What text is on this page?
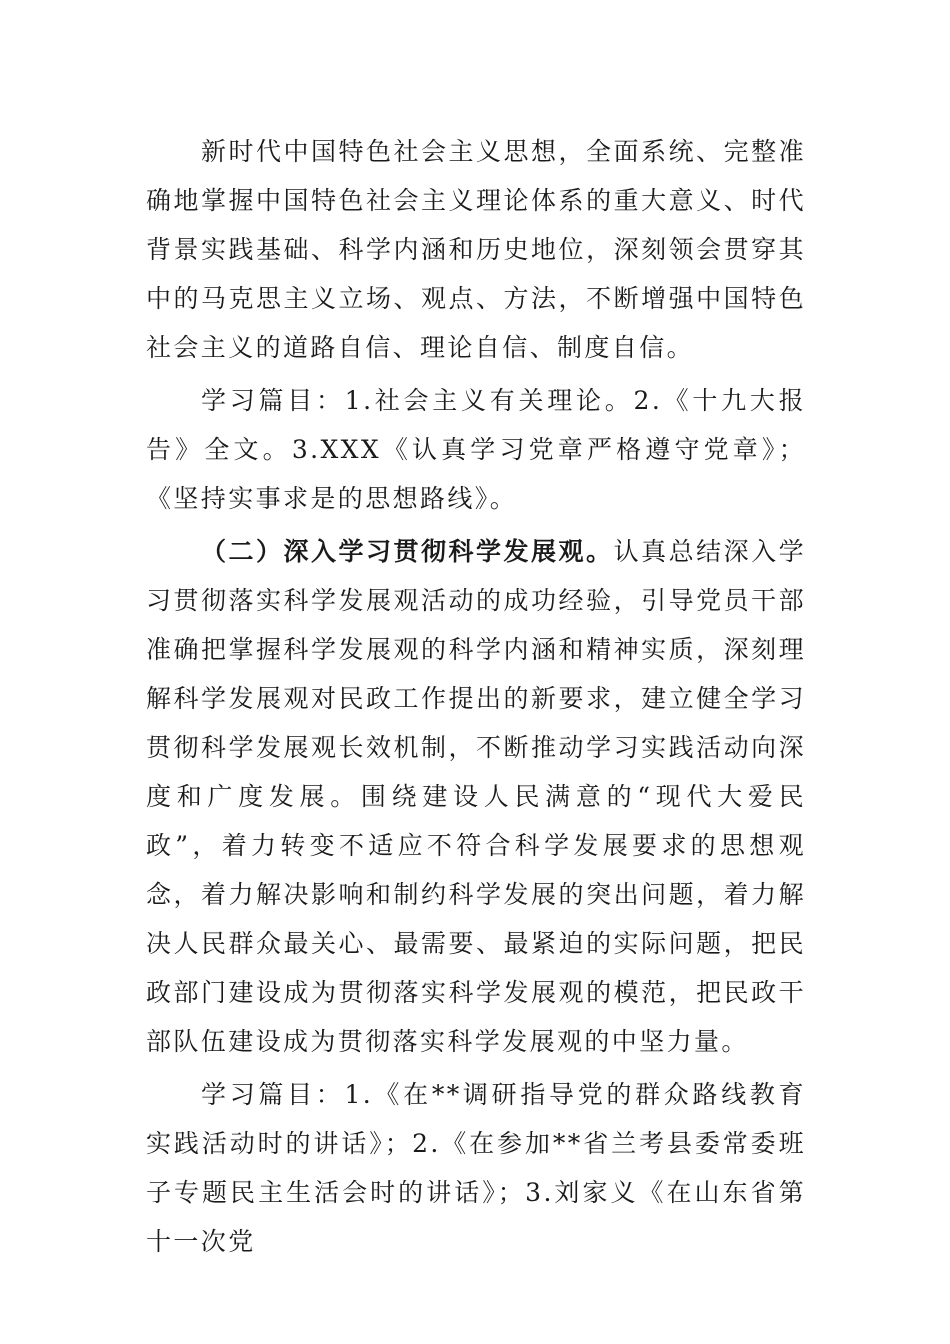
新时代中国特色社会主义思想，全面系统、完整准确地掌握中国特色社会主义理论体系的重大意义、时代背景实践基础、科学内涵和历史地位，深刻领会贯穿其中的马克思主义立场、观点、方法，不断增强中国特色社会主义的道路自信、理论自信、制度自信。

学习篇目：1.社会主义有关理论。2.《十九大报告》全文。3.XXX《认真学习党章严格遵守党章》；《坚持实事求是的思想路线》。

（二）深入学习贯彻科学发展观。认真总结深入学习贯彻落实科学发展观活动的成功经验，引导党员干部准确把掌握科学发展观的科学内涵和精神实质，深刻理解科学发展观对民政工作提出的新要求，建立健全学习贯彻科学发展观长效机制，不断推动学习实践活动向深度和广度发展。围绕建设人民满意的“现代大爱民政”，着力转变不适应不符合科学发展要求的思想观念，着力解决影响和制约科学发展的突出问题，着力解决人民群众最关心、最需要、最紧迫的实际问题，把民政部门建设成为贯彻落实科学发展观的模范，把民政干部队伍建设成为贯彻落实科学发展观的中坚力量。

学习篇目：1.《在**调研指导党的群众路线教育实践活动时的讲话》；2.《在参加**省兰考县委常委班子专题民主生活会时的讲话》；3.刘家义《在山东省第十一次党
